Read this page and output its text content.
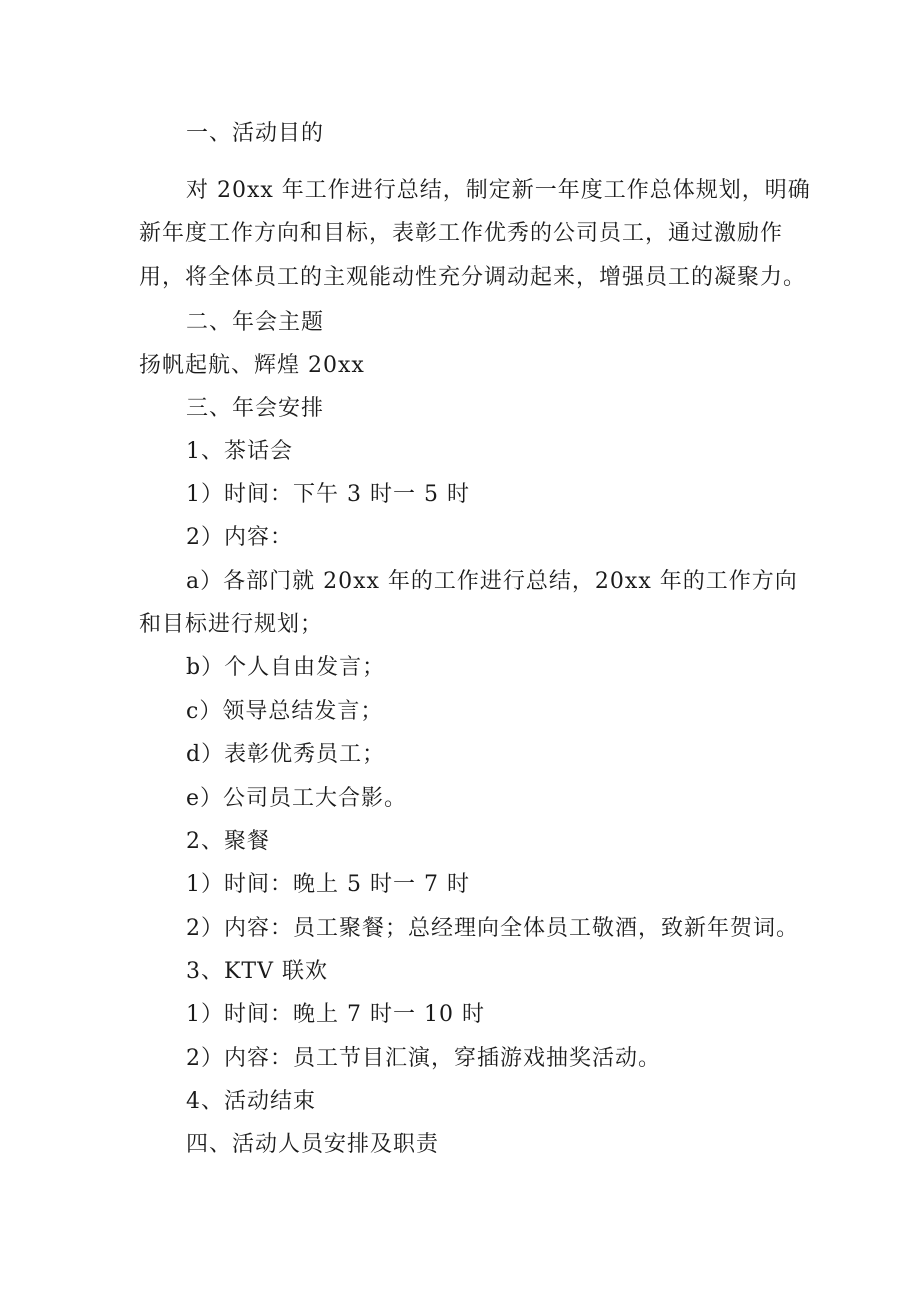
一、活动目的
对 20xx 年工作进行总结，制定新一年度工作总体规划，明确
新年度工作方向和目标，表彰工作优秀的公司员工，通过激励作
用，将全体员工的主观能动性充分调动起来，增强员工的凝聚力。
二、年会主题
扬帆起航、辉煌 20xx
三、年会安排
1、茶话会
1）时间：下午 3 时一 5 时
2）内容：
a）各部门就 20xx 年的工作进行总结，20xx 年的工作方向
和目标进行规划；
b）个人自由发言；
c）领导总结发言；
d）表彰优秀员工；
e）公司员工大合影。
2、聚餐
1）时间：晚上 5 时一 7 时
2）内容：员工聚餐；总经理向全体员工敬酒，致新年贺词。
3、KTV 联欢
1）时间：晚上 7 时一 10 时
2）内容：员工节目汇演，穿插游戏抽奖活动。
4、活动结束
四、活动人员安排及职责
